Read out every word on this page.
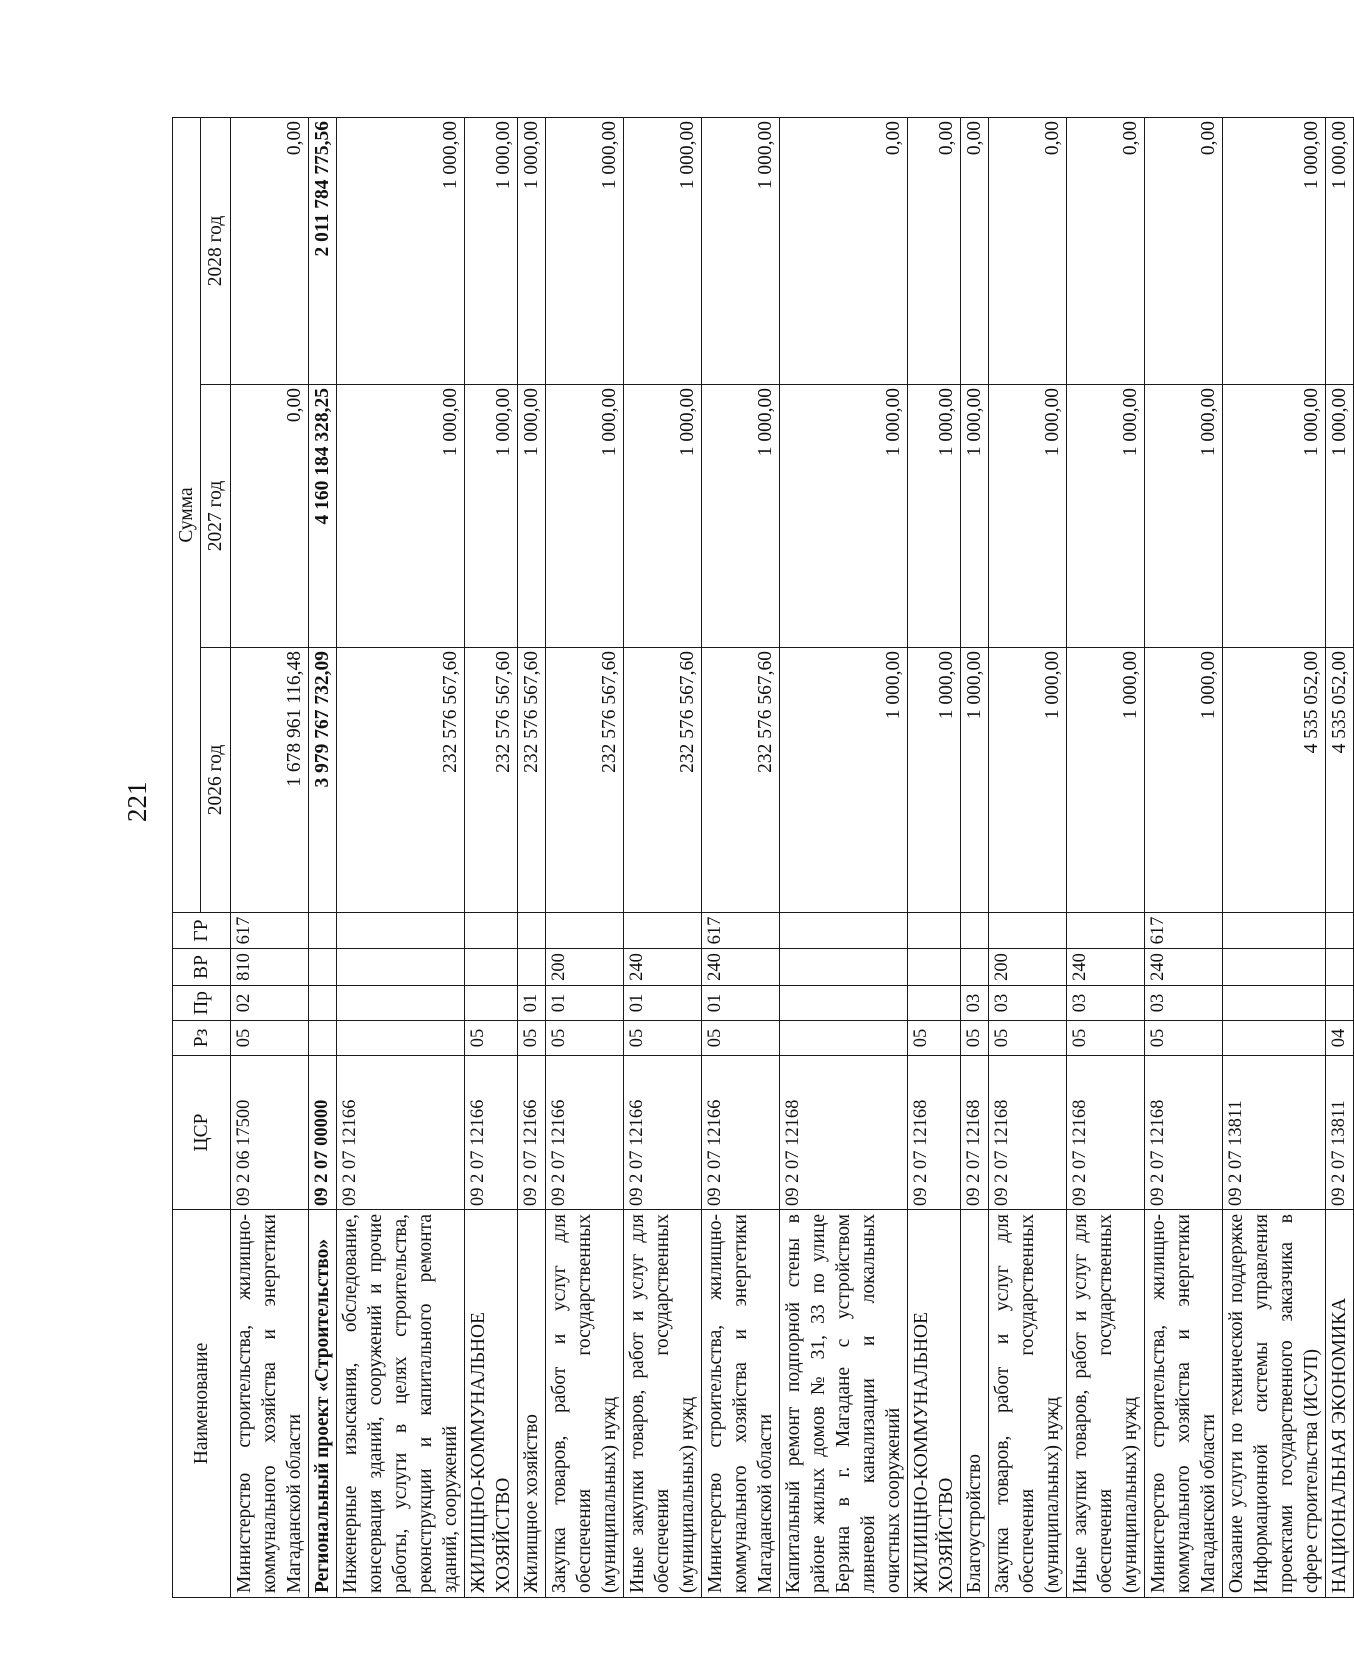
221
Наименование	ЦСР	Рз	Пр	ВР	ГР	Сумма		
						2026 год	2027 год	2028 год
Министерство строительства, жилищно-коммунального хозяйства и энергетики Магаданской области	09 2 06 17500	05	02	810	617	1 678 961 116,48	0,00	0,00
Региональный проект «Строительство»	09 2 07 00000					3 979 767 732,09	4 160 184 328,25	2 011 784 775,56
Инженерные изыскания, обследование, консервация зданий, сооружений и прочие работы, услуги в целях строительства, реконструкции и капитального ремонта зданий, сооружений	09 2 07 12166					232 576 567,60	1 000,00	1 000,00
ЖИЛИЩНО-КОММУНАЛЬНОЕ ХОЗЯЙСТВО	09 2 07 12166	05				232 576 567,60	1 000,00	1 000,00
Жилищное хозяйство	09 2 07 12166	05	01			232 576 567,60	1 000,00	1 000,00
Закупка товаров, работ и услуг для обеспечения государственных (муниципальных) нужд	09 2 07 12166	05	01	200		232 576 567,60	1 000,00	1 000,00
Иные закупки товаров, работ и услуг для обеспечения государственных (муниципальных) нужд	09 2 07 12166	05	01	240		232 576 567,60	1 000,00	1 000,00
Министерство строительства, жилищно-коммунального хозяйства и энергетики Магаданской области	09 2 07 12166	05	01	240	617	232 576 567,60	1 000,00	1 000,00
Капитальный ремонт подпорной стены в районе жилых домов № 31, 33 по улице Берзина в г. Магадане с устройством ливневой канализации и локальных очистных сооружений	09 2 07 12168					1 000,00	1 000,00	0,00
ЖИЛИЩНО-КОММУНАЛЬНОЕ ХОЗЯЙСТВО	09 2 07 12168	05				1 000,00	1 000,00	0,00
Благоустройство	09 2 07 12168	05	03			1 000,00	1 000,00	0,00
Закупка товаров, работ и услуг для обеспечения государственных (муниципальных) нужд	09 2 07 12168	05	03	200		1 000,00	1 000,00	0,00
Иные закупки товаров, работ и услуг для обеспечения государственных (муниципальных) нужд	09 2 07 12168	05	03	240		1 000,00	1 000,00	0,00
Министерство строительства, жилищно-коммунального хозяйства и энергетики Магаданской области	09 2 07 12168	05	03	240	617	1 000,00	1 000,00	0,00
Оказание услуги по технической поддержке Информационной системы управления проектами государственного заказчика в сфере строительства (ИСУП)	09 2 07 13811					4 535 052,00	1 000,00	1 000,00
НАЦИОНАЛЬНАЯ ЭКОНОМИКА	09 2 07 13811	04				4 535 052,00	1 000,00	1 000,00
